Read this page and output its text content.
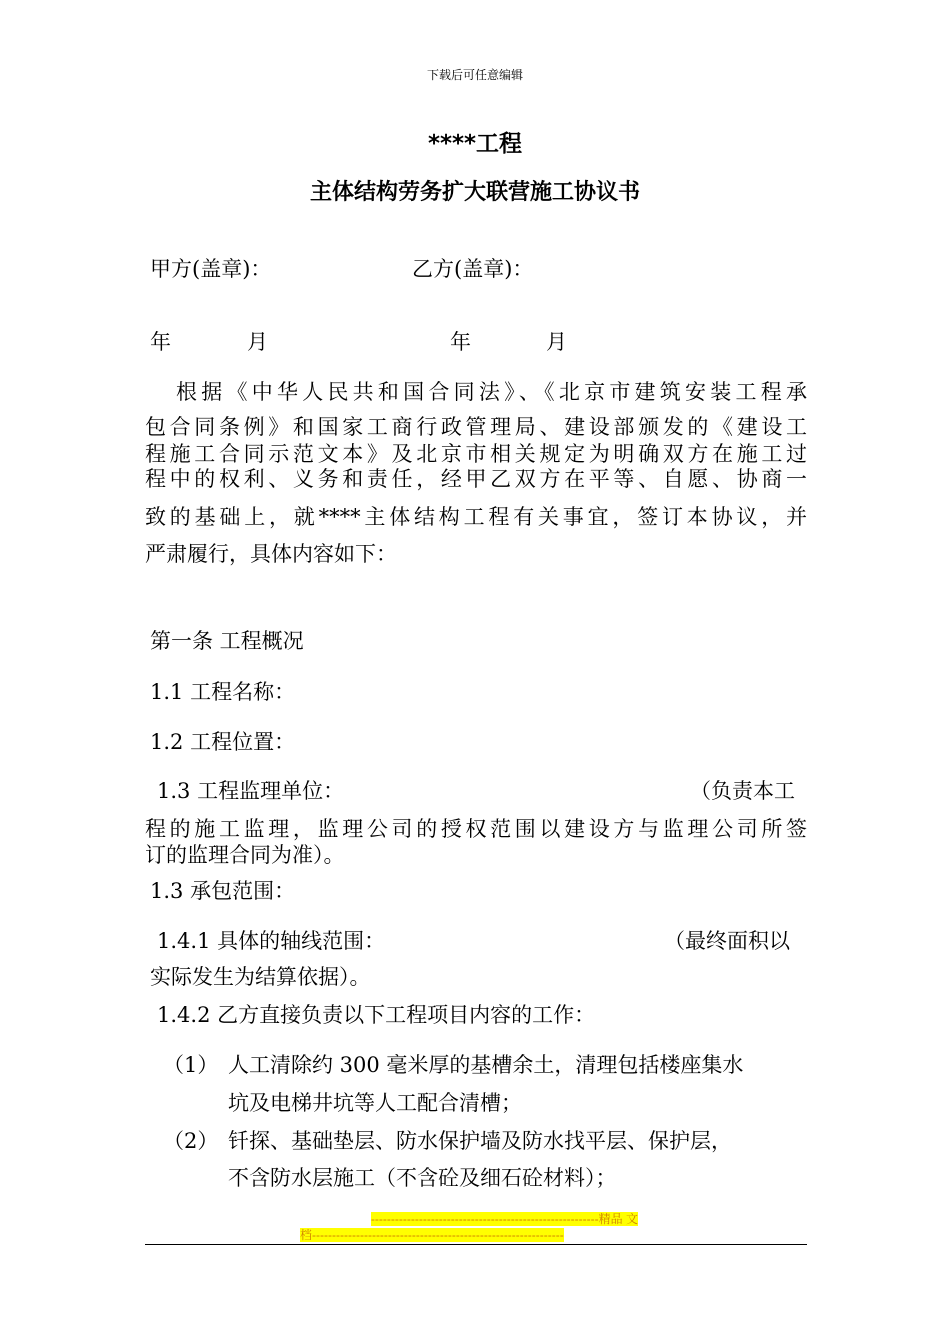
下载后可任意编辑
****工程
主体结构劳务扩大联营施工协议书
甲方(盖章)：	乙方(盖章)：
年	月	年	月
根据《中华人民共和国合同法》、《北京市建筑安装工程承
包合同条例》和国家工商行政管理局、建设部颁发的《建设工
程施工合同示范文本》及北京市相关规定为明确双方在施工过
程中的权利、义务和责任，经甲乙双方在平等、自愿、协商一
致的基础上，就****主体结构工程有关事宜，签订本协议，并
严肃履行，具体内容如下：
第一条 工程概况
1.1 工程名称：
1.2 工程位置：
1.3 工程监理单位：	（负责本工
程的施工监理，监理公司的授权范围以建设方与监理公司所签
订的监理合同为准）。
1.3 承包范围：
1.4.1 具体的轴线范围：	（最终面积以
实际发生为结算依据）。
1.4.2 乙方直接负责以下工程项目内容的工作：
（1） 人工清除约 300 毫米厚的基槽余土，清理包括楼座集水
坑及电梯井坑等人工配合清槽；
（2） 钎探、基础垫层、防水保护墙及防水找平层、保护层，
不含防水层施工（不含砼及细石砼材料）；
---------------------------------------------------------精品 文
档---------------------------------------------------------------
